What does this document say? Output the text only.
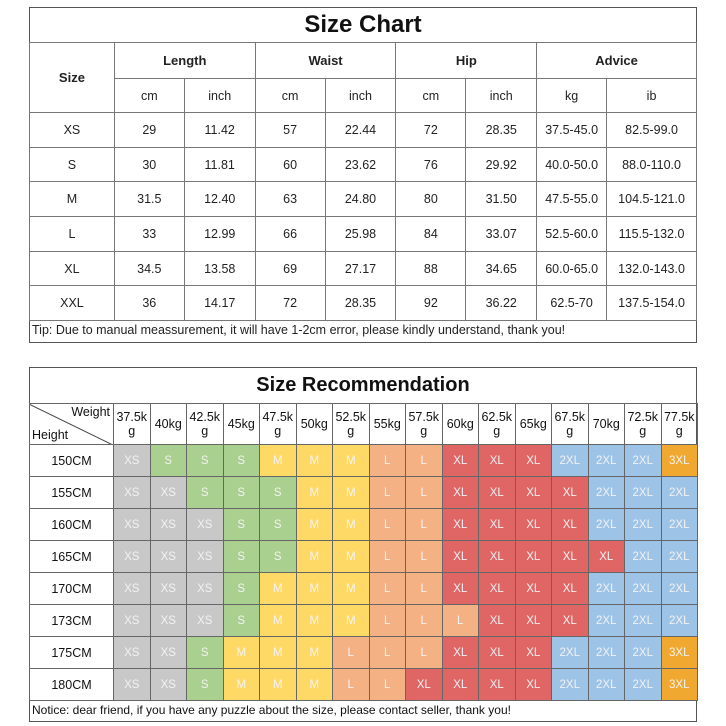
Size Chart
Size	Length		Waist		Hip		Advice	
	cm	inch	cm	inch	cm	inch	kg	ib
XS	29	11.42	57	22.44	72	28.35	37.5-45.0	82.5-99.0
S	30	11.81	60	23.62	76	29.92	40.0-50.0	88.0-110.0
M	31.5	12.40	63	24.80	80	31.50	47.5-55.0	104.5-121.0
L	33	12.99	66	25.98	84	33.07	52.5-60.0	115.5-132.0
XL	34.5	13.58	69	27.17	88	34.65	60.0-65.0	132.0-143.0
XXL	36	14.17	72	28.35	92	36.22	62.5-70	137.5-154.0
Tip: Due to manual meassurement, it will have 1-2cm error, please kindly understand, thank you!
Size Recommendation
Weight
Height	37.5k g	40kg	42.5k g	45kg	47.5k g	50kg	52.5k g	55kg	57.5k g	60kg	62.5k g	65kg	67.5k g	70kg	72.5k g	77.5k g
150CM	XS	S	S	S	M	M	M	L	L	XL	XL	XL	2XL	2XL	2XL	3XL
155CM	XS	XS	S	S	S	M	M	L	L	XL	XL	XL	XL	2XL	2XL	2XL
160CM	XS	XS	XS	S	S	M	M	L	L	XL	XL	XL	XL	2XL	2XL	2XL
165CM	XS	XS	XS	S	S	M	M	L	L	XL	XL	XL	XL	XL	2XL	2XL
170CM	XS	XS	XS	S	M	M	M	L	L	XL	XL	XL	XL	2XL	2XL	2XL
173CM	XS	XS	XS	S	M	M	M	L	L	L	XL	XL	XL	2XL	2XL	2XL
175CM	XS	XS	S	M	M	M	L	L	L	XL	XL	XL	2XL	2XL	2XL	3XL
180CM	XS	XS	S	M	M	M	L	L	XL	XL	XL	XL	2XL	2XL	2XL	3XL
Notice: dear friend, if you have any puzzle about the size, please contact seller, thank you!
